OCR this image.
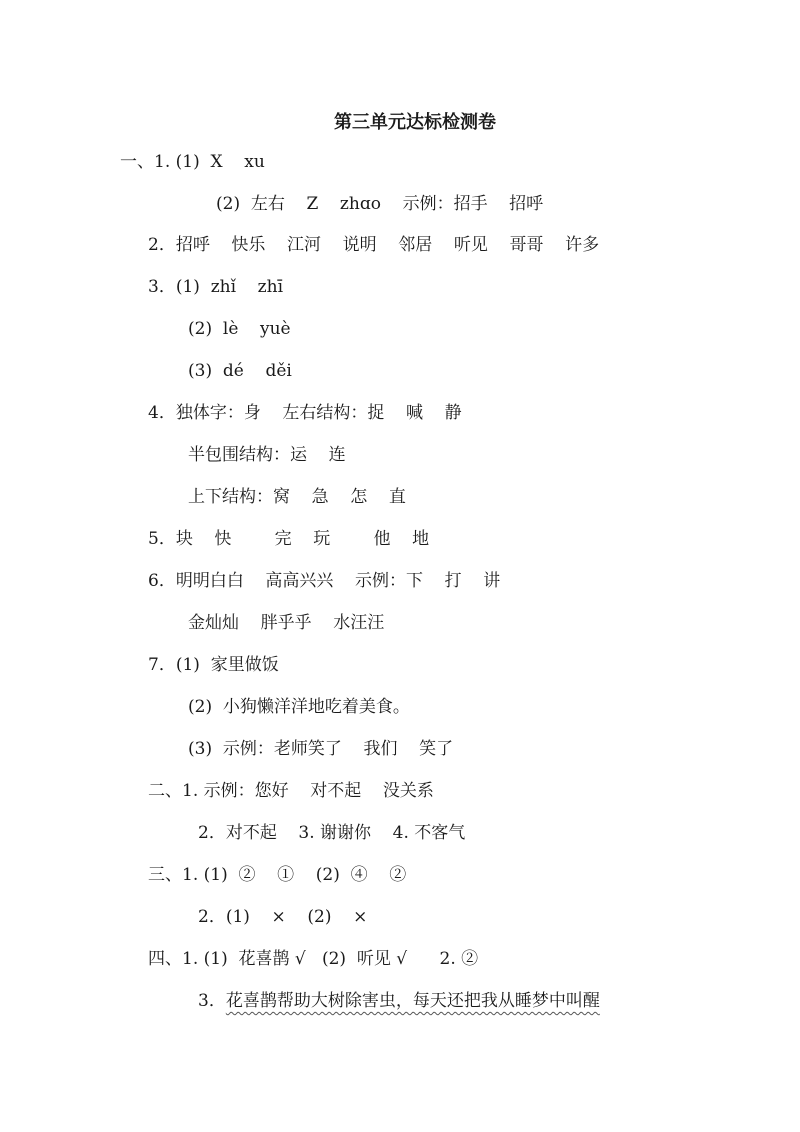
第三单元达标检测卷
一、1. (1)  X    xu
(2)  左右    Z    zhɑo    示例：招手    招呼
2．招呼    快乐    江河    说明    邻居    听见    哥哥    许多
3．(1)  zhǐ    zhī
(2)  lè    yuè
(3)  dé    děi
4．独体字：身    左右结构：捉    喊    静
半包围结构：运    连
上下结构：窝    急    怎    直
5．块    快        完    玩        他    地
6．明明白白    高高兴兴    示例：下    打    讲
金灿灿    胖乎乎    水汪汪
7．(1)  家里做饭
(2)  小狗懒洋洋地吃着美食。
(3)  示例：老师笑了    我们    笑了
二、1. 示例：您好    对不起    没关系
2．对不起    3. 谢谢你    4. 不客气
三、1. (1)  ②    ①    (2)  ④    ②
2．(1)    ×    (2)    ×
四、1. (1)  花喜鹊 √   (2)  听见 √      2. ②
3．花喜鹊帮助大树除害虫，每天还把我从睡梦中叫醒
